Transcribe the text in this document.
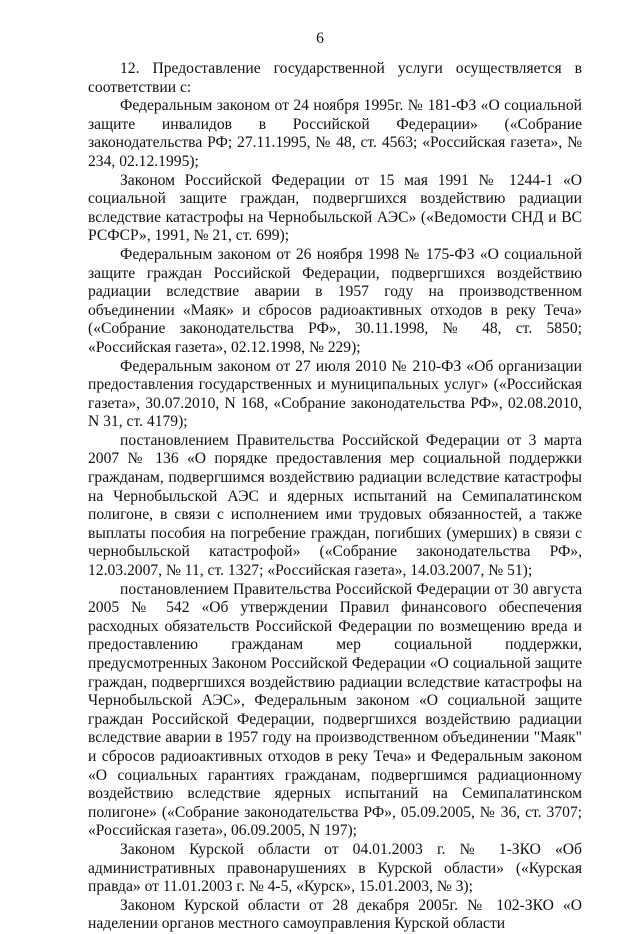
6

12. Предоставление государственной услуги осуществляется в соответствии с:

Федеральным законом от 24 ноября 1995г. № 181-ФЗ «О социальной защите инвалидов в Российской Федерации» («Собрание законодательства РФ; 27.11.1995, № 48, ст. 4563; «Российская газета», № 234, 02.12.1995);

Законом Российской Федерации от 15 мая 1991 № 1244-1 «О социальной защите граждан, подвергшихся воздействию радиации вследствие катастрофы на Чернобыльской АЭС» («Ведомости СНД и ВС РСФСР», 1991, № 21, ст. 699);

Федеральным законом от 26 ноября 1998 № 175-ФЗ «О социальной защите граждан Российской Федерации, подвергшихся воздействию радиации вследствие аварии в 1957 году на производственном объединении «Маяк» и сбросов радиоактивных отходов в реку Теча» («Собрание законодательства РФ», 30.11.1998, № 48, ст. 5850; «Российская газета», 02.12.1998, № 229);

Федеральным законом от 27 июля 2010 № 210-ФЗ «Об организации предоставления государственных и муниципальных услуг» («Российская газета», 30.07.2010, N 168, «Собрание законодательства РФ», 02.08.2010, N 31, ст. 4179);

постановлением Правительства Российской Федерации от 3 марта 2007 № 136 «О порядке предоставления мер социальной поддержки гражданам, подвергшимся воздействию радиации вследствие катастрофы на Чернобыльской АЭС и ядерных испытаний на Семипалатинском полигоне, в связи с исполнением ими трудовых обязанностей, а также выплаты пособия на погребение граждан, погибших (умерших) в связи с чернобыльской катастрофой» («Собрание законодательства РФ», 12.03.2007, № 11, ст. 1327; «Российская газета», 14.03.2007, № 51);

постановлением Правительства Российской Федерации от 30 августа 2005 № 542 «Об утверждении Правил финансового обеспечения расходных обязательств Российской Федерации по возмещению вреда и предоставлению гражданам мер социальной поддержки, предусмотренных Законом Российской Федерации «О социальной защите граждан, подвергшихся воздействию радиации вследствие катастрофы на Чернобыльской АЭС», Федеральным законом «О социальной защите граждан Российской Федерации, подвергшихся воздействию радиации вследствие аварии в 1957 году на производственном объединении "Маяк" и сбросов радиоактивных отходов в реку Теча» и Федеральным законом «О социальных гарантиях гражданам, подвергшимся радиационному воздействию вследствие ядерных испытаний на Семипалатинском полигоне» («Собрание законодательства РФ», 05.09.2005, № 36, ст. 3707; «Российская газета», 06.09.2005, N 197);

Законом Курской области от 04.01.2003 г. № 1-ЗКО «Об административных правонарушениях в Курской области» («Курская правда» от 11.01.2003 г. № 4-5, «Курск», 15.01.2003, № 3);

Законом Курской области от 28 декабря 2005г. № 102-ЗКО «О наделении органов местного самоуправления Курской области
